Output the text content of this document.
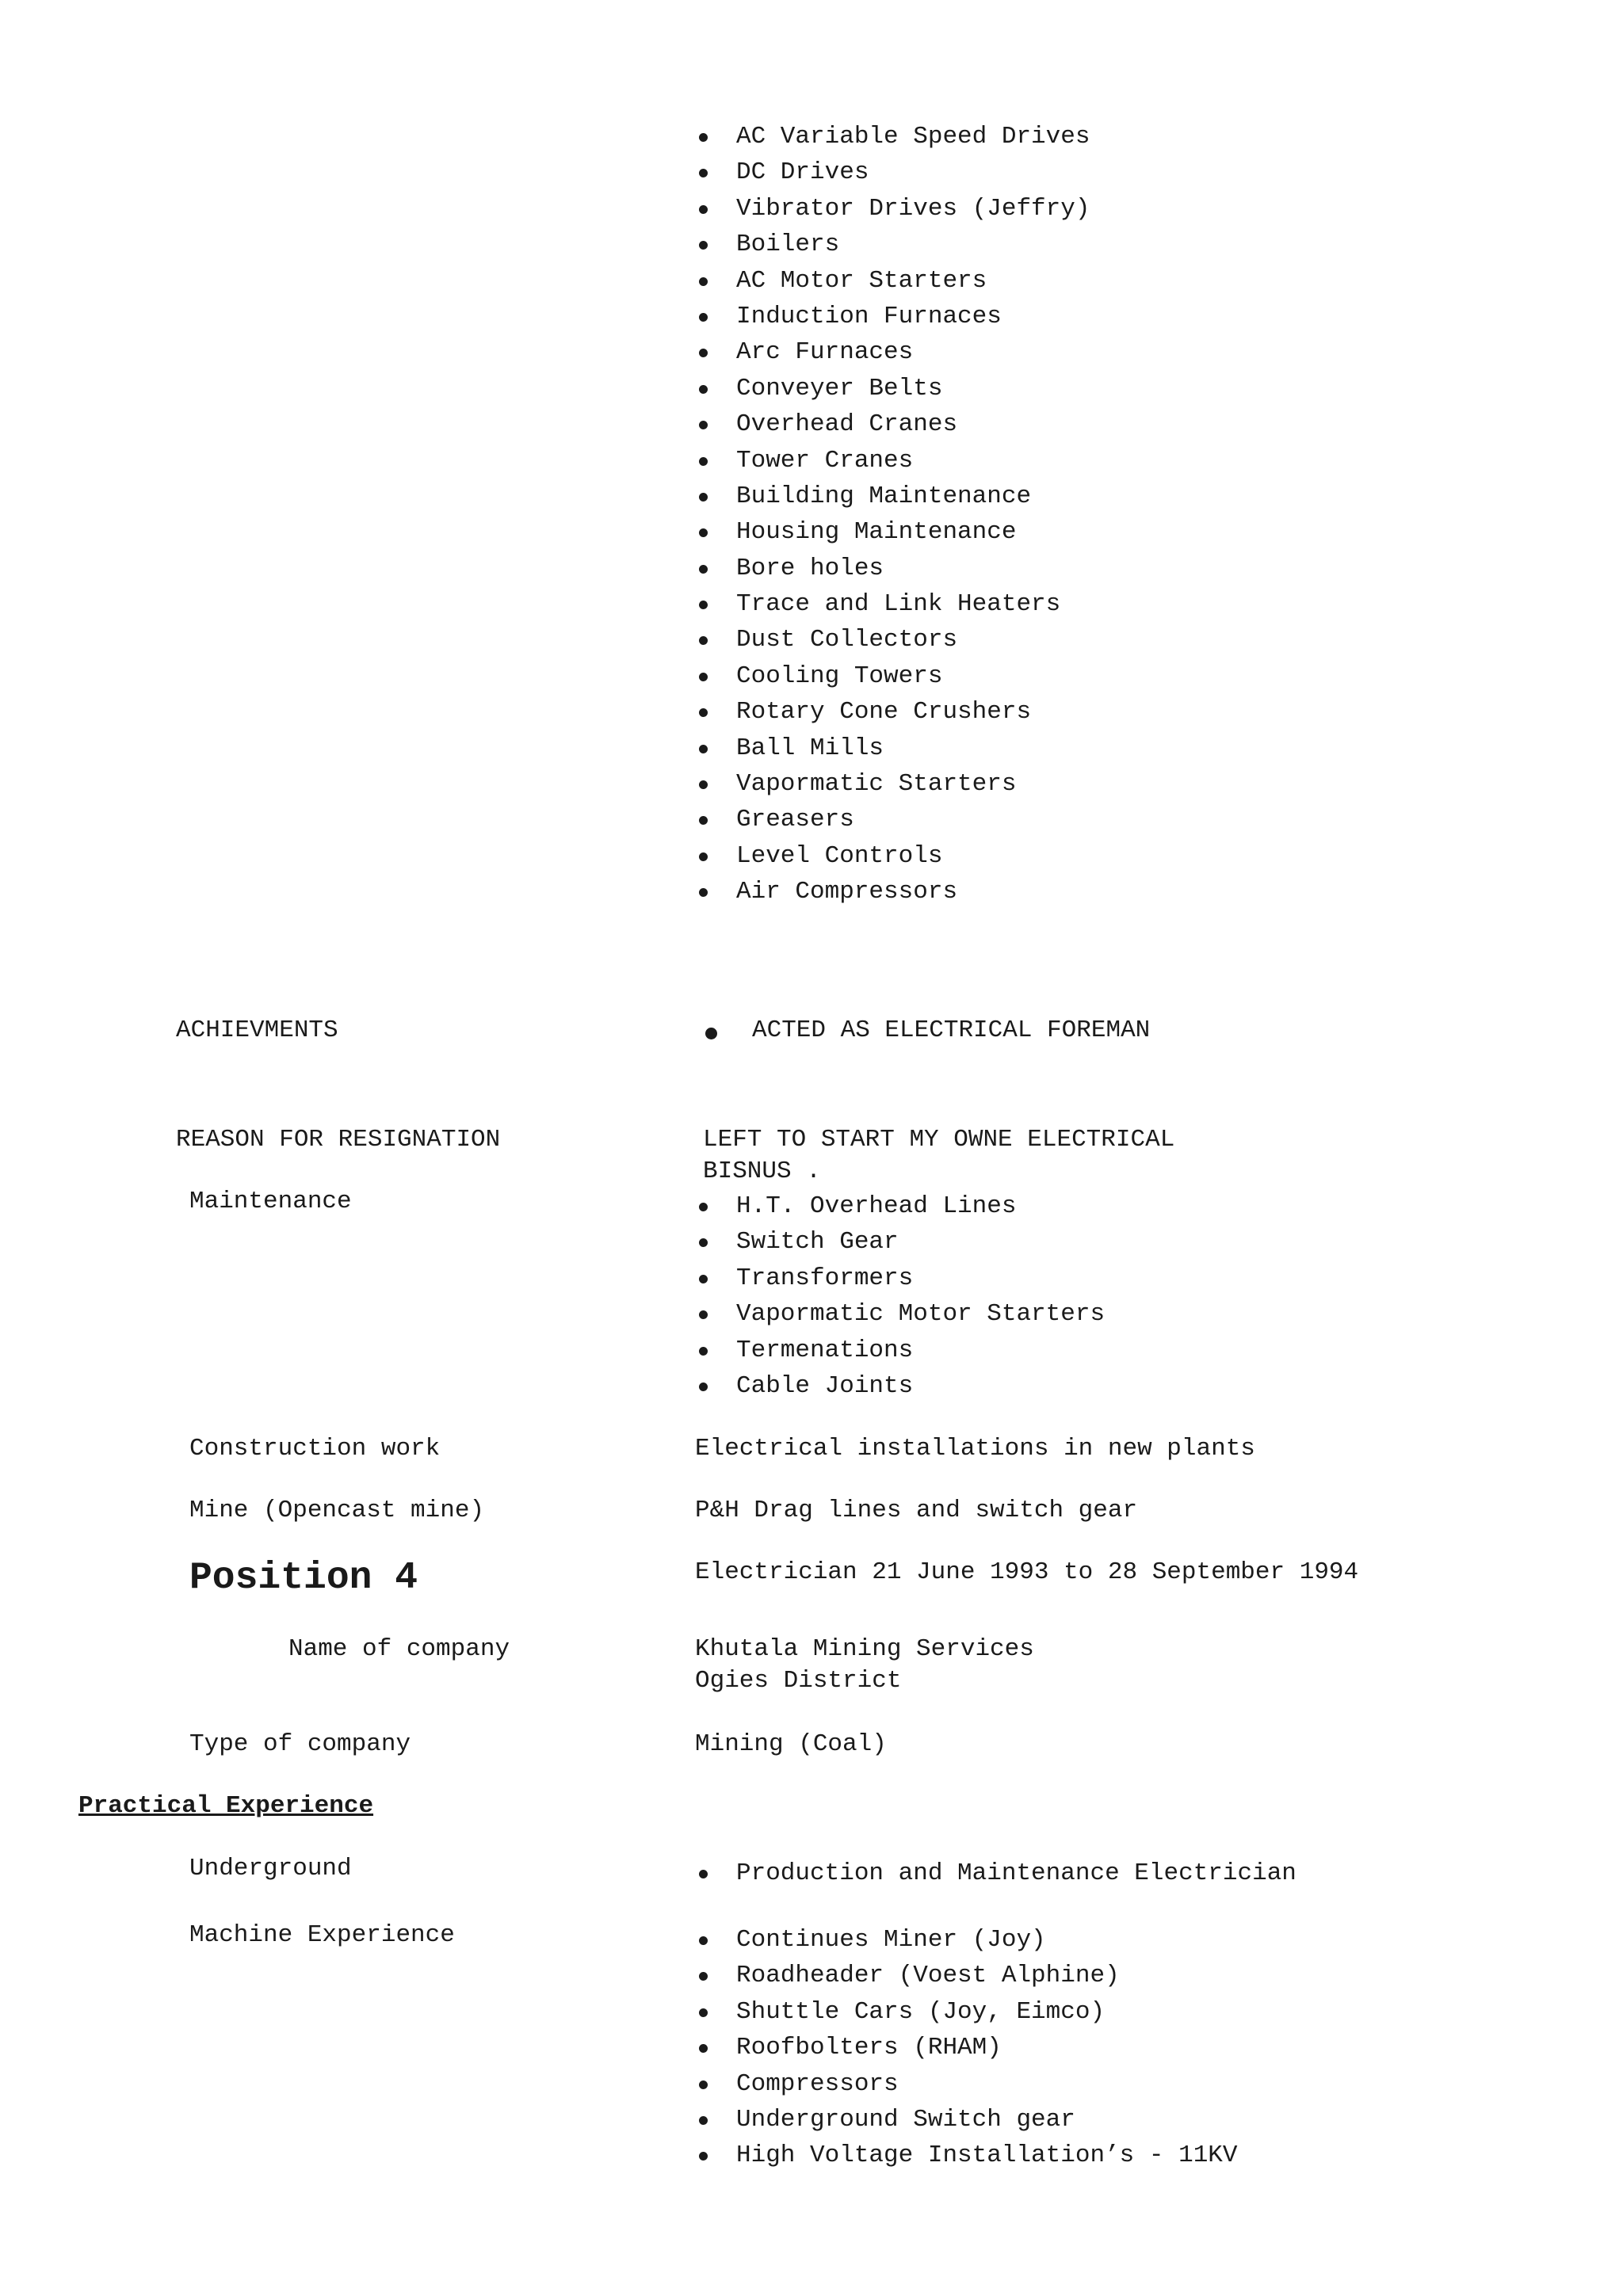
AC Variable Speed Drives
DC Drives
Vibrator Drives (Jeffry)
Boilers
AC Motor Starters
Induction Furnaces
Arc Furnaces
Conveyer Belts
Overhead Cranes
Tower Cranes
Building Maintenance
Housing Maintenance
Bore holes
Trace and Link Heaters
Dust Collectors
Cooling Towers
Rotary Cone Crushers
Ball Mills
Vapormatic Starters
Greasers
Level Controls
Air Compressors
ACHIEVMENTS	ACTED AS ELECTRICAL FOREMAN
REASON FOR RESIGNATION	LEFT TO START MY OWNE ELECTRICAL
BISNUS .
Maintenance	H.T. Overhead Lines
Switch Gear
Transformers
Vapormatic Motor Starters
Termenations
Cable Joints
Construction work	Electrical installations in new plants
Mine (Opencast mine)	P&H Drag lines and switch gear
Position 4	Electrician 21 June 1993 to 28 September 1994
Name of company	Khutala Mining Services
Ogies District
Type of company	Mining (Coal)
Practical Experience
Underground	Production and Maintenance Electrician
Machine Experience	Continues Miner (Joy)
Roadheader (Voest Alphine)
Shuttle Cars (Joy, Eimco)
Roofbolters (RHAM)
Compressors
Underground Switch gear
High Voltage Installation’s - 11KV
